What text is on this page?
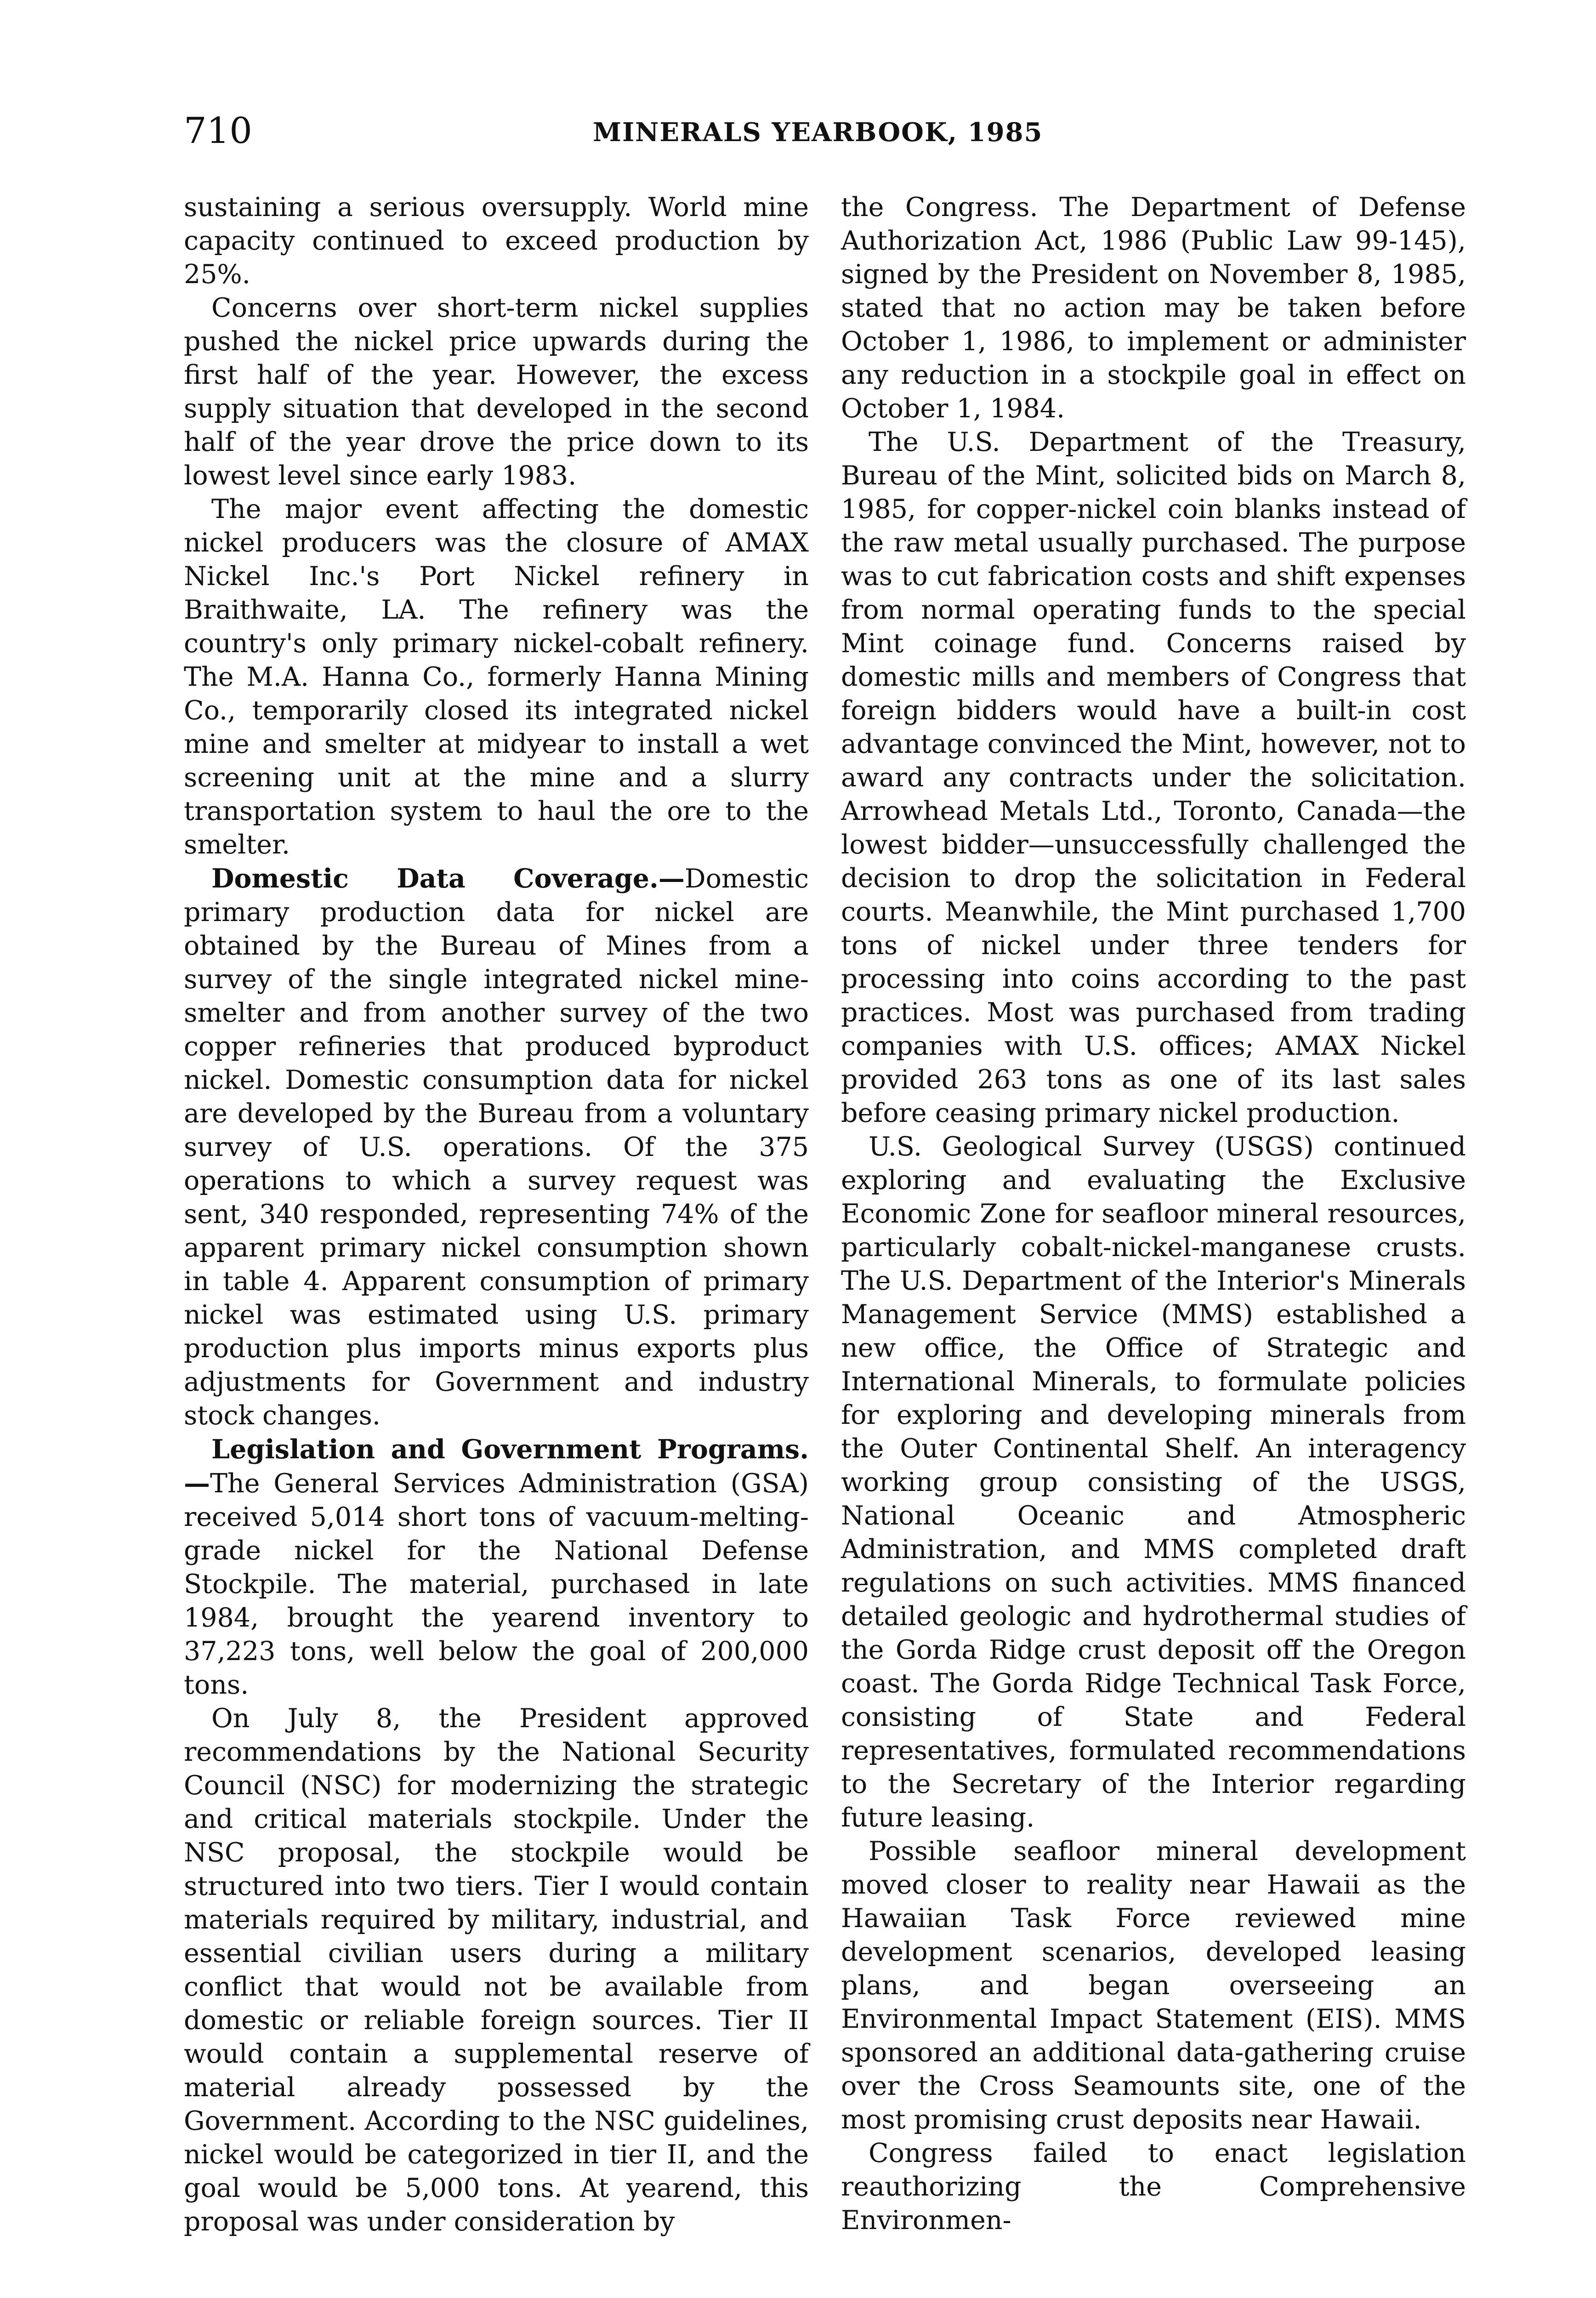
710	MINERALS YEARBOOK, 1985

sustaining a serious oversupply. World mine capacity continued to exceed production by 25%.

Concerns over short-term nickel supplies pushed the nickel price upwards during the first half of the year. However, the excess supply situation that developed in the second half of the year drove the price down to its lowest level since early 1983.

The major event affecting the domestic nickel producers was the closure of AMAX Nickel Inc.'s Port Nickel refinery in Braithwaite, LA. The refinery was the country's only primary nickel-cobalt refinery. The M.A. Hanna Co., formerly Hanna Mining Co., temporarily closed its integrated nickel mine and smelter at midyear to install a wet screening unit at the mine and a slurry transportation system to haul the ore to the smelter.

Domestic Data Coverage.—Domestic primary production data for nickel are obtained by the Bureau of Mines from a survey of the single integrated nickel mine-smelter and from another survey of the two copper refineries that produced byproduct nickel. Domestic consumption data for nickel are developed by the Bureau from a voluntary survey of U.S. operations. Of the 375 operations to which a survey request was sent, 340 responded, representing 74% of the apparent primary nickel consumption shown in table 4. Apparent consumption of primary nickel was estimated using U.S. primary production plus imports minus exports plus adjustments for Government and industry stock changes.

Legislation and Government Programs.—The General Services Administration (GSA) received 5,014 short tons of vacuum-melting-grade nickel for the National Defense Stockpile. The material, purchased in late 1984, brought the yearend inventory to 37,223 tons, well below the goal of 200,000 tons.

On July 8, the President approved recommendations by the National Security Council (NSC) for modernizing the strategic and critical materials stockpile. Under the NSC proposal, the stockpile would be structured into two tiers. Tier I would contain materials required by military, industrial, and essential civilian users during a military conflict that would not be available from domestic or reliable foreign sources. Tier II would contain a supplemental reserve of material already possessed by the Government. According to the NSC guidelines, nickel would be categorized in tier II, and the goal would be 5,000 tons. At yearend, this proposal was under consideration by

the Congress. The Department of Defense Authorization Act, 1986 (Public Law 99-145), signed by the President on November 8, 1985, stated that no action may be taken before October 1, 1986, to implement or administer any reduction in a stockpile goal in effect on October 1, 1984.

The U.S. Department of the Treasury, Bureau of the Mint, solicited bids on March 8, 1985, for copper-nickel coin blanks instead of the raw metal usually purchased. The purpose was to cut fabrication costs and shift expenses from normal operating funds to the special Mint coinage fund. Concerns raised by domestic mills and members of Congress that foreign bidders would have a built-in cost advantage convinced the Mint, however, not to award any contracts under the solicitation. Arrowhead Metals Ltd., Toronto, Canada—the lowest bidder—unsuccessfully challenged the decision to drop the solicitation in Federal courts. Meanwhile, the Mint purchased 1,700 tons of nickel under three tenders for processing into coins according to the past practices. Most was purchased from trading companies with U.S. offices; AMAX Nickel provided 263 tons as one of its last sales before ceasing primary nickel production.

U.S. Geological Survey (USGS) continued exploring and evaluating the Exclusive Economic Zone for seafloor mineral resources, particularly cobalt-nickel-manganese crusts. The U.S. Department of the Interior's Minerals Management Service (MMS) established a new office, the Office of Strategic and International Minerals, to formulate policies for exploring and developing minerals from the Outer Continental Shelf. An interagency working group consisting of the USGS, National Oceanic and Atmospheric Administration, and MMS completed draft regulations on such activities. MMS financed detailed geologic and hydrothermal studies of the Gorda Ridge crust deposit off the Oregon coast. The Gorda Ridge Technical Task Force, consisting of State and Federal representatives, formulated recommendations to the Secretary of the Interior regarding future leasing.

Possible seafloor mineral development moved closer to reality near Hawaii as the Hawaiian Task Force reviewed mine development scenarios, developed leasing plans, and began overseeing an Environmental Impact Statement (EIS). MMS sponsored an additional data-gathering cruise over the Cross Seamounts site, one of the most promising crust deposits near Hawaii.

Congress failed to enact legislation reauthorizing the Comprehensive Environmen-
